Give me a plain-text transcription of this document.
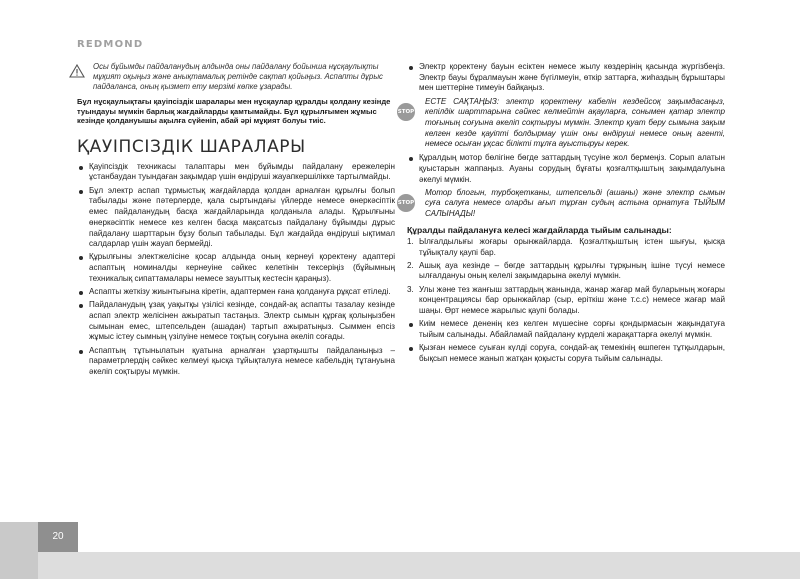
REDMOND
Осы бұйымды пайдаланудың алдында оны пайдалану бойынша нұсқаулықты мұқият оқыңыз және анықтамалық ретінде сақтап қойыңыз. Аспапты дұрыс пайдаланса, оның қызмет ету мерзімі көпке ұзарады.
Бұл нұсқаулықтағы қауіпсіздік шаралары мен нұсқаулар құралды қолдану кезінде туындауы мүмкін барлық жағдайларды қамтымайды. Бұл құрылғымен жұмыс кезінде қолдануышы ақылға сүйеніп, абай әрі мұқият болуы тиіс.
ҚАУІПСІЗДІК ШАРАЛАРЫ
Қауіпсіздік техникасы талаптары мен бұйымды пайдалану ережелерін ұстанбаудан туындаған зақымдар үшін өндіруші жауапкершілікке тартылмайды.
Бұл электр аспап тұрмыстық жағдайларда қолдан арналған құрылғы болып табылады және пәтерлерде, қала сыртындағы үйлерде немесе өнеркәсіптік емес пайдаланудың басқа жағдайларында қолданыла алады. Құрылғыны өнеркәсіптік немесе кез келген басқа мақсатсыз пайдалану бұйымды дұрыс пайдалану шарттарын бұзу болып табылады. Бұл жағдайда өндіруші ықтимал салдарлар үшін жауап бермейді.
Құрылғыны электжелісіне қосар алдында оның кернеуі қоректену адаптері аспаптың номиналды кернеуіне сәйкес келетінін тексеріңіз (бұйымның техникалық сипаттамалары немесе зауыттық кестесін қараңыз).
Аспапты жеткізу жиынтығына кіретін, адаптермен ғана қолдануға рұқсат етіледі.
Пайдаланудың ұзақ уақытқы үзілісі кезінде, сондай-ақ аспапты тазалау кезінде аспап электр желісінен ажыратып тастаңыз. Электр сымын құрғақ қолыңызбен сымынан емес, штепсельден (ашадан) тартып ажыратыңыз. Сыммен епсіз жұмыс істеу сымның үзілуіне немесе тоқтың соғуына әкеліп соғады.
Аспаптың тұтынылатын қуатына арналған ұзартқышты пайдаланыңыз – параметрлердің сәйкес келмеуі қысқа тұйықталуға немесе кабельдің тұтануына әкеліп соқтыруы мүмкін.
Электр қоректену бауын есіктен немесе жылу көздерінің қасында жүргізбеңіз. Электр бауы бұралмауын және бүгілмеуін, өткір заттарға, жиһаздың бұрыштары мен шеттеріне тимеуін байқаңыз.
STOP
ЕСТЕ САҚТАҢЫЗ: электр қоректену кабелін кездейсоқ зақымдасаңыз, кепілдік шарттарына сәйкес келмейтін ақауларға, сонымен қатар электр тоғының соғуына әкеліп соқтыруы мүмкін. Электр қуат беру сымына зақым келген кезде қауіпті болдырмау үшін оны өндіруші немесе оның агенті, немесе осыған ұқсас білікті тұлға ауыстыруы керек.
Құралдың мотор бөлігіне бөгде заттардың түсуіне жол бермеңіз. Сорып алатын қуыстарын жаппаңыз. Ауаны сорудың бұғаты қозғалтқыштың зақымдалуына әкелуі мүмкін.
STOP
Мотор блогын, турбоқетканы, штепсельді (ашаны) және электр сымын суға салуға немесе оларды ағып тұрған судың астына орнатуға ТЫЙЫМ САЛЫНАДЫ!
Құралды пайдалануға келесі жағдайларда тыйым салынады:
1. Ылғалдылығы жоғары орынжайларда. Қозғалтқыштың істен шығуы, қысқа тұйықталу қаупі бар.
2. Ашық ауа кезінде – бөгде заттардың құрылғы тұрқының ішіне түсуі немесе ылғалдануы оның келелі зақымдарына әкелуі мүмкін.
3. Улы және тез жанғыш заттардың жанында, жанар жағар май буларының жоғары концентрациясы бар орынжайлар (сыр, еріткіш және т.с.с) немесе жағар май шаңы. Өрт немесе жарылыс қаупі болады.
Киім немесе дененің кез келген мүшесіне сорғы қондырмасын жақындатуға тыйым салынады. Абайламай пайдалану күрделі жарақаттарға әкелуі мүмкін.
Қызған немесе суыған күлді соруға, сондай-ақ темекінің өшпеген тұтқылдарын, бықсып немесе жанып жатқан қоқысты соруға тыйым салынады.
20
